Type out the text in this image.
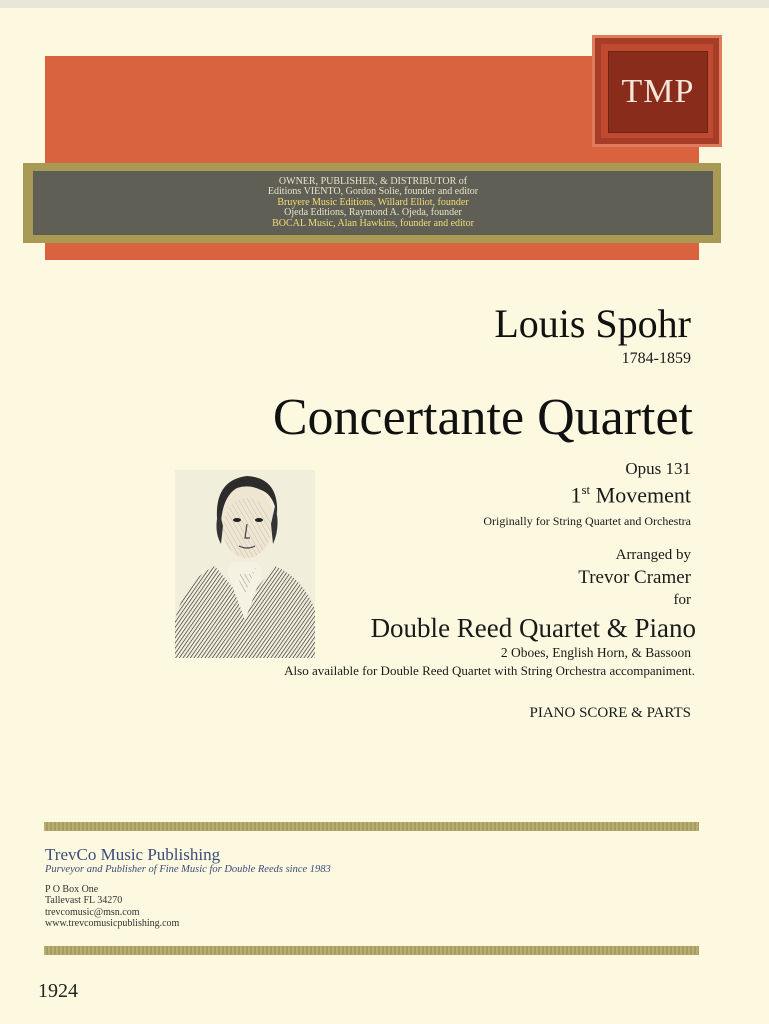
TMP
OWNER, PUBLISHER, & DISTRIBUTOR of
Editions VIENTO, Gordon Solie, founder and editor
Bruyere Music Editions, Willard Elliot, founder
Ojeda Editions, Raymond A. Ojeda, founder
BOCAL Music, Alan Hawkins, founder and editor
Louis Spohr
1784-1859
Concertante Quartet
Opus 131
1st Movement
Originally for String Quartet and Orchestra
Arranged by
Trevor Cramer
for
Double Reed Quartet & Piano
2 Oboes, English Horn, & Bassoon
Also available for Double Reed Quartet with String Orchestra accompaniment.
PIANO SCORE & PARTS
TrevCo Music Publishing
Purveyor and Publisher of Fine Music for Double Reeds since 1983
P O Box One
Tallevast FL 34270
trevcomusic@msn.com
www.trevcomusicpublishing.com
1924
